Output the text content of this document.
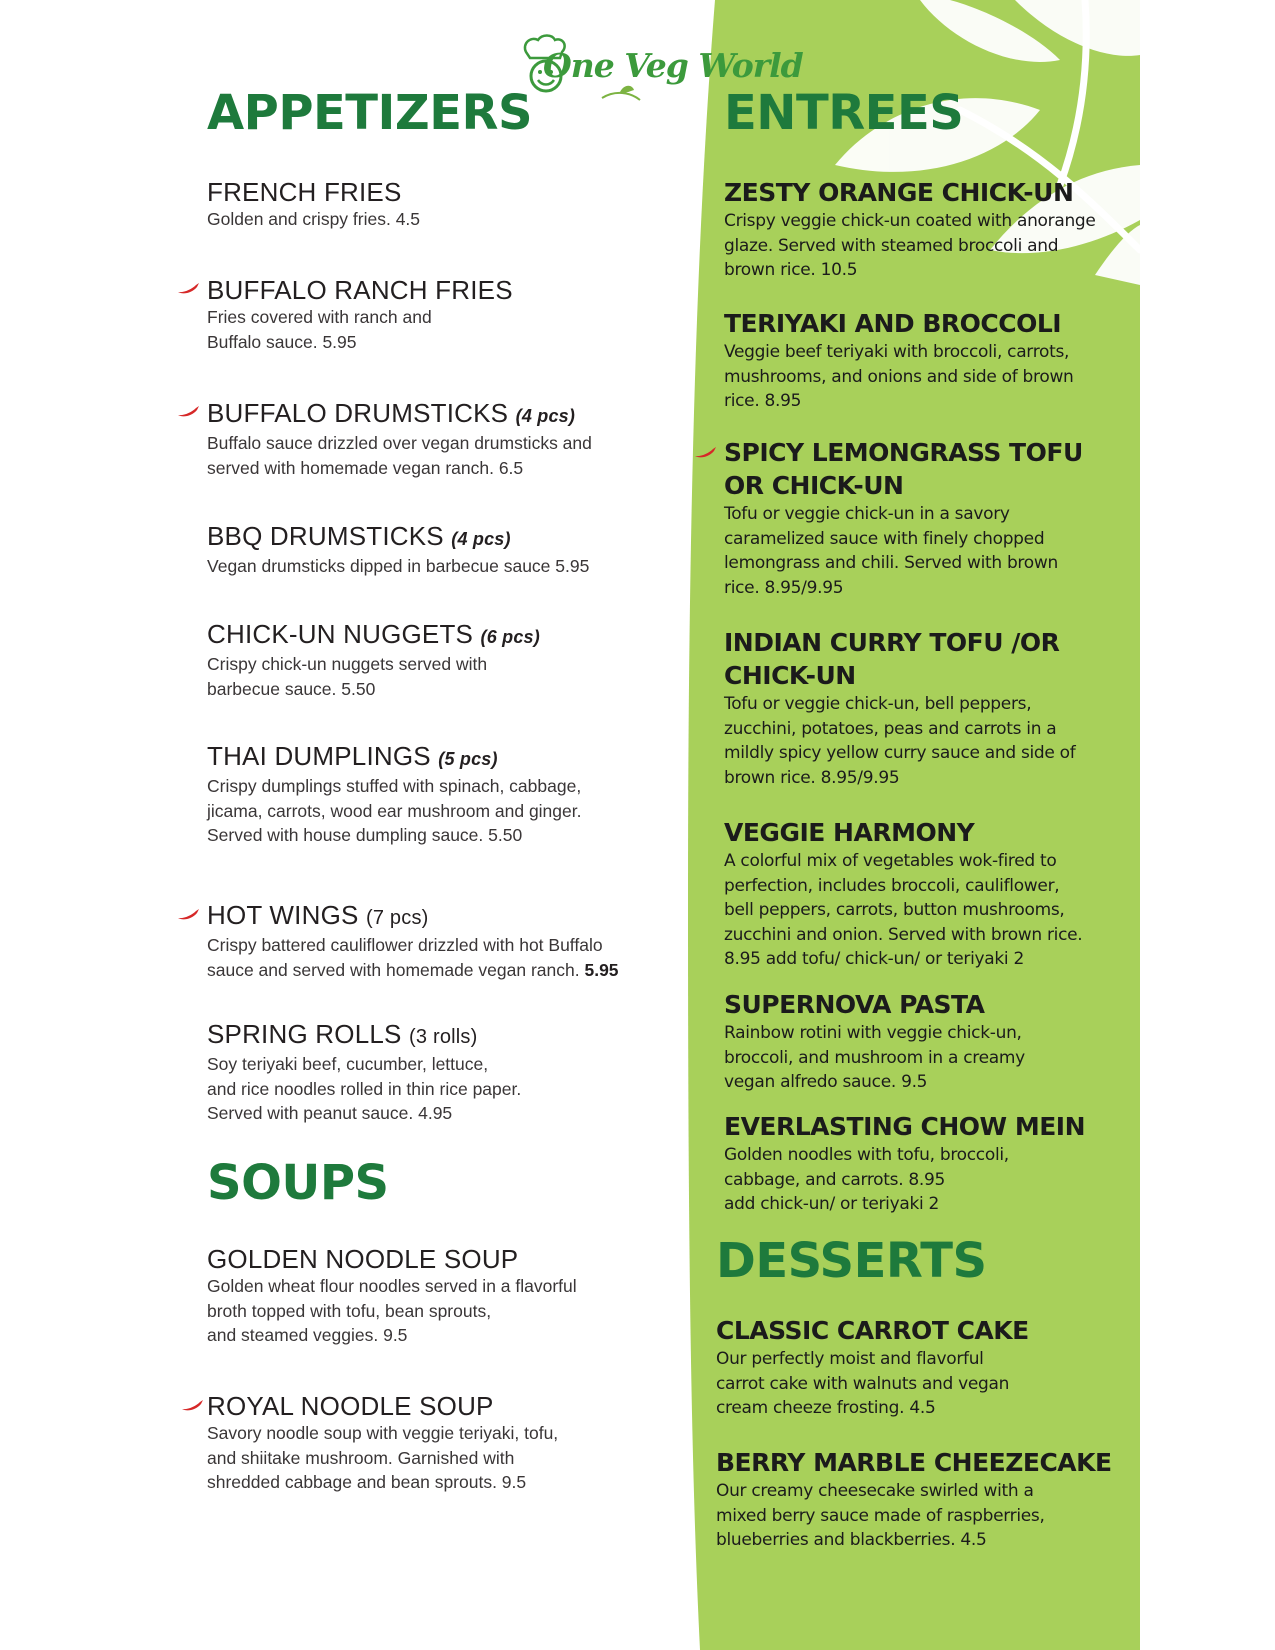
One Veg World
APPETIZERS	ENTREES
SOUPS
DESSERTS
FRENCH FRIES
Golden and crispy fries. 4.5
BUFFALO RANCH FRIES
Fries covered with ranch and
Buffalo sauce. 5.95
BUFFALO DRUMSTICKS (4 pcs)
Buffalo sauce drizzled over vegan drumsticks and
served with homemade vegan ranch. 6.5
BBQ DRUMSTICKS (4 pcs)
Vegan drumsticks dipped in barbecue sauce 5.95
CHICK-UN NUGGETS (6 pcs)
Crispy chick-un nuggets served with
barbecue sauce. 5.50
THAI DUMPLINGS (5 pcs)
Crispy dumplings stuffed with spinach, cabbage,
jicama, carrots, wood ear mushroom and ginger.
Served with house dumpling sauce. 5.50
HOT WINGS (7 pcs)
Crispy battered cauliflower drizzled with hot Buffalo
sauce and served with homemade vegan ranch. 5.95
SPRING ROLLS (3 rolls)
Soy teriyaki beef, cucumber, lettuce,
and rice noodles rolled in thin rice paper.
Served with peanut sauce. 4.95
GOLDEN NOODLE SOUP
Golden wheat flour noodles served in a flavorful
broth topped with tofu, bean sprouts,
and steamed veggies. 9.5
ROYAL NOODLE SOUP
Savory noodle soup with veggie teriyaki, tofu,
and shiitake mushroom. Garnished with
shredded cabbage and bean sprouts. 9.5
ZESTY ORANGE CHICK-UN
Crispy veggie chick-un coated with anorange
glaze. Served with steamed broccoli and
brown rice. 10.5
TERIYAKI AND BROCCOLI
Veggie beef teriyaki with broccoli, carrots,
mushrooms, and onions and side of brown
rice. 8.95
SPICY LEMONGRASS TOFU
OR CHICK-UN
Tofu or veggie chick-un in a savory
caramelized sauce with finely chopped
lemongrass and chili. Served with brown
rice. 8.95/9.95
INDIAN CURRY TOFU /OR
CHICK-UN
Tofu or veggie chick-un, bell peppers,
zucchini, potatoes, peas and carrots in a
mildly spicy yellow curry sauce and side of
brown rice. 8.95/9.95
VEGGIE HARMONY
A colorful mix of vegetables wok-fired to
perfection, includes broccoli, cauliflower,
bell peppers, carrots, button mushrooms,
zucchini and onion. Served with brown rice.
8.95 add tofu/ chick-un/ or teriyaki 2
SUPERNOVA PASTA
Rainbow rotini with veggie chick-un,
broccoli, and mushroom in a creamy
vegan alfredo sauce. 9.5
EVERLASTING CHOW MEIN
Golden noodles with tofu, broccoli,
cabbage, and carrots. 8.95
add chick-un/ or teriyaki 2
CLASSIC CARROT CAKE
Our perfectly moist and flavorful
carrot cake with walnuts and vegan
cream cheeze frosting. 4.5
BERRY MARBLE CHEEZECAKE
Our creamy cheesecake swirled with a
mixed berry sauce made of raspberries,
blueberries and blackberries. 4.5
